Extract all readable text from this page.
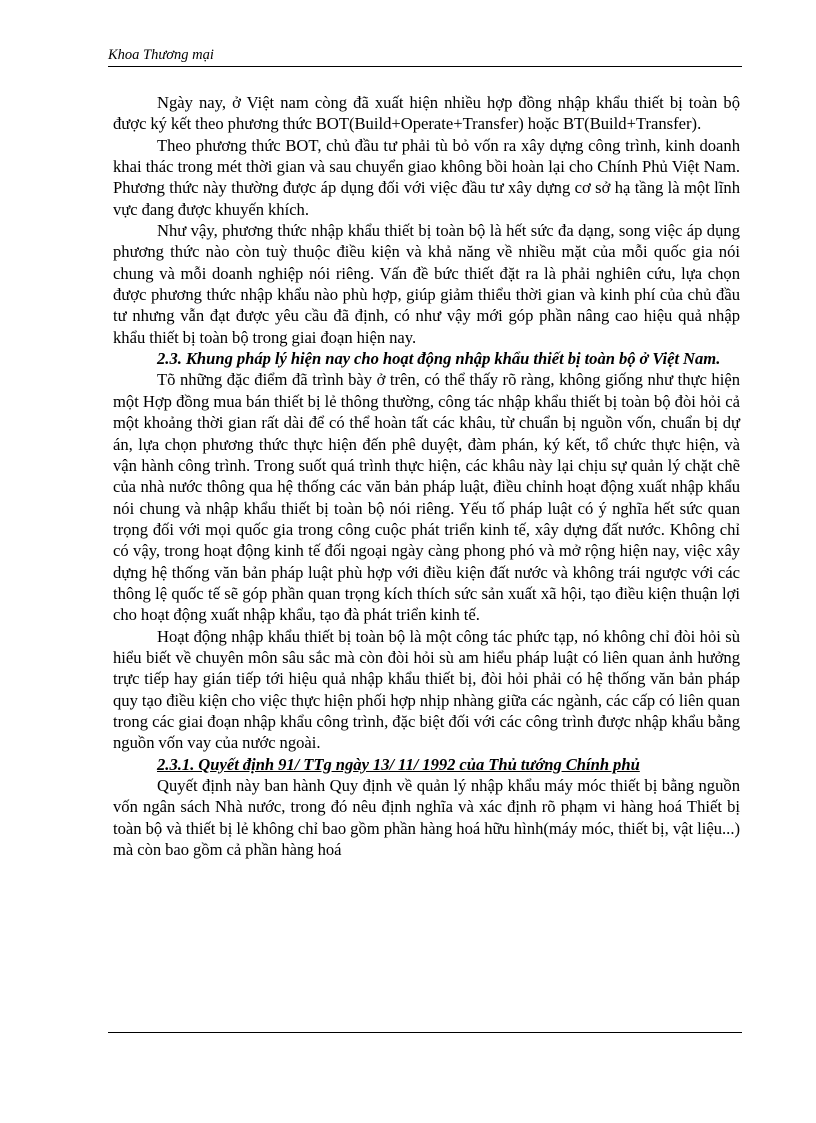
Khoa Thương mại

Ngày nay, ở Việt nam còng đã xuất hiện nhiều hợp đồng nhập khẩu thiết bị toàn bộ được ký kết theo phương thức BOT(Build+Operate+Transfer) hoặc BT(Build+Transfer).

Theo phương thức BOT, chủ đầu tư phải tù bỏ vốn ra xây dựng công trình, kinh doanh khai thác trong mét thời gian và sau chuyển giao không bồi hoàn lại cho Chính Phủ Việt Nam. Phương thức này thường được áp dụng đối với việc đầu tư xây dựng cơ sở hạ tầng là một lĩnh vực đang được khuyến khích.

Như vậy, phương thức nhập khẩu thiết bị toàn bộ là hết sức đa dạng, song việc áp dụng phương thức nào còn tuỳ thuộc điều kiện và khả năng về nhiều mặt của mỗi quốc gia nói chung và mỗi doanh nghiệp nói riêng. Vấn đề bức thiết đặt ra là phải nghiên cứu, lựa chọn được phương thức nhập khẩu nào phù hợp, giúp giảm thiểu thời gian và kinh phí của chủ đầu tư nhưng vẫn đạt được yêu cầu đã định, có như vậy mới góp phần nâng cao hiệu quả nhập khẩu thiết bị toàn bộ trong giai đoạn hiện nay.

2.3. Khung pháp lý hiện nay cho hoạt động nhập khẩu thiết bị toàn bộ ở Việt Nam.

Tõ những đặc điểm đã trình bày ở trên, có thể thấy rõ ràng, không giống như thực hiện một Hợp đồng mua bán thiết bị lẻ thông thường, công tác nhập khẩu thiết bị toàn bộ đòi hỏi cả một khoảng thời gian rất dài để có thể hoàn tất các khâu, từ chuẩn bị nguồn vốn, chuẩn bị dự án, lựa chọn phương thức thực hiện đến phê duyệt, đàm phán, ký kết, tổ chức thực hiện, và vận hành công trình. Trong suốt quá trình thực hiện, các khâu này lại chịu sự quản lý chặt chẽ của nhà nước thông qua hệ thống các văn bản pháp luật, điều chỉnh hoạt động xuất nhập khẩu nói chung và nhập khẩu thiết bị toàn bộ nói riêng. Yếu tố pháp luật có ý nghĩa hết sức quan trọng đối với mọi quốc gia trong công cuộc phát triển kinh tế, xây dựng đất nước. Không chỉ có vậy, trong hoạt động kinh tế đối ngoại ngày càng phong phó và mở rộng hiện nay, việc xây dựng hệ thống văn bản pháp luật phù hợp với điều kiện đất nước và không trái ngược với các thông lệ quốc tế sẽ góp phần quan trọng kích thích sức sản xuất xã hội, tạo điều kiện thuận lợi cho hoạt động xuất nhập khẩu, tạo đà phát triển kinh tế.

Hoạt động nhập khẩu thiết bị toàn bộ là một công tác phức tạp, nó không chỉ đòi hỏi sù hiểu biết về chuyên môn sâu sắc mà còn đòi hỏi sù am hiểu pháp luật có liên quan ảnh hưởng trực tiếp hay gián tiếp tới hiệu quả nhập khẩu thiết bị, đòi hỏi phải có hệ thống văn bản pháp quy tạo điều kiện cho việc thực hiện phối hợp nhịp nhàng giữa các ngành, các cấp có liên quan trong các giai đoạn nhập khẩu công trình, đặc biệt đối với các công trình được nhập khẩu bằng nguồn vốn vay của nước ngoài.

2.3.1. Quyết định 91/ TTg ngày 13/ 11/ 1992 của Thủ tướng Chính phủ

Quyết định này ban hành Quy định về quản lý nhập khẩu máy móc thiết bị bằng nguồn vốn ngân sách Nhà nước, trong đó nêu định nghĩa và xác định rõ phạm vi hàng hoá Thiết bị toàn bộ và thiết bị lẻ không chỉ bao gồm phần hàng hoá hữu hình(máy móc, thiết bị, vật liệu...) mà còn bao gồm cả phần hàng hoá
